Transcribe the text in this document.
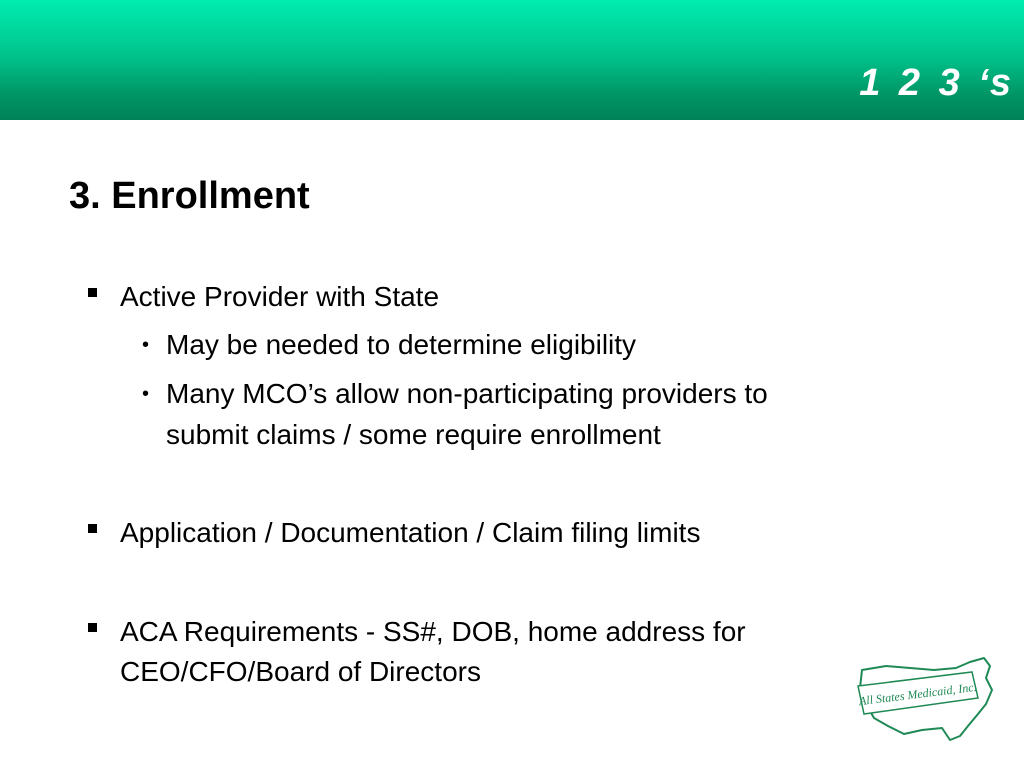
1 2 3 ‘s
3. Enrollment
Active Provider with State
• May be needed to determine eligibility
• Many MCO’s allow non-participating providers to
submit claims / some require enrollment
Application / Documentation / Claim filing limits
ACA Requirements - SS#, DOB, home address for
CEO/CFO/Board of Directors
All States Medicaid, Inc.
